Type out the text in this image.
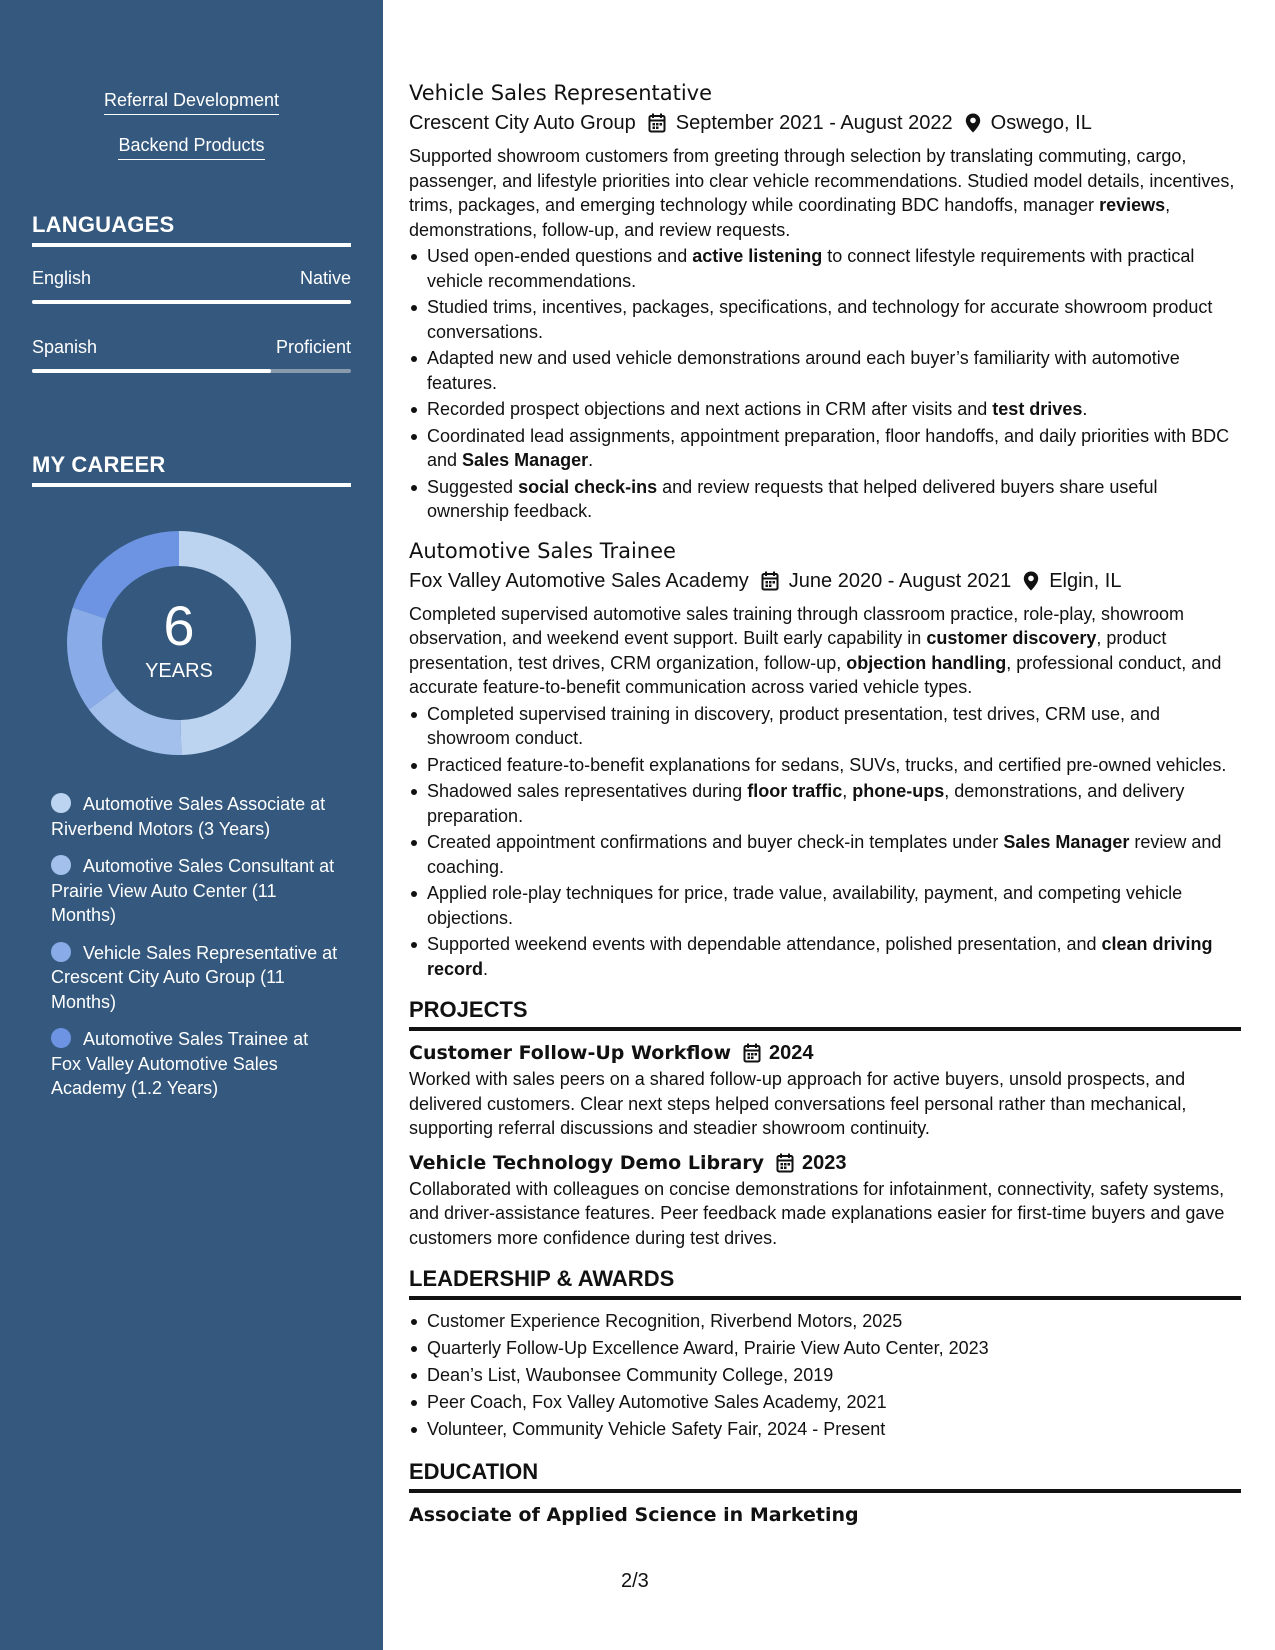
Referral Development
Backend Products
LANGUAGES
English	Native
Spanish	Proficient
MY CAREER
6
YEARS
Automotive Sales Associate at Riverbend Motors (3 Years)
Automotive Sales Consultant at Prairie View Auto Center (11 Months)
Vehicle Sales Representative at Crescent City Auto Group (11 Months)
Automotive Sales Trainee at Fox Valley Automotive Sales Academy (1.2 Years)
Vehicle Sales Representative
Crescent City Auto Group September 2021 - August 2022 Oswego, IL
Supported showroom customers from greeting through selection by translating commuting, cargo, passenger, and lifestyle priorities into clear vehicle recommendations. Studied model details, incentives, trims, packages, and emerging technology while coordinating BDC handoffs, manager reviews, demonstrations, follow-up, and review requests.
Used open-ended questions and active listening to connect lifestyle requirements with practical vehicle recommendations.
Studied trims, incentives, packages, specifications, and technology for accurate showroom product conversations.
Adapted new and used vehicle demonstrations around each buyer’s familiarity with automotive features.
Recorded prospect objections and next actions in CRM after visits and test drives.
Coordinated lead assignments, appointment preparation, floor handoffs, and daily priorities with BDC and Sales Manager.
Suggested social check-ins and review requests that helped delivered buyers share useful ownership feedback.
Automotive Sales Trainee
Fox Valley Automotive Sales Academy June 2020 - August 2021 Elgin, IL
Completed supervised automotive sales training through classroom practice, role-play, showroom observation, and weekend event support. Built early capability in customer discovery, product presentation, test drives, CRM organization, follow-up, objection handling, professional conduct, and accurate feature-to-benefit communication across varied vehicle types.
Completed supervised training in discovery, product presentation, test drives, CRM use, and showroom conduct.
Practiced feature-to-benefit explanations for sedans, SUVs, trucks, and certified pre-owned vehicles.
Shadowed sales representatives during floor traffic, phone-ups, demonstrations, and delivery preparation.
Created appointment confirmations and buyer check-in templates under Sales Manager review and coaching.
Applied role-play techniques for price, trade value, availability, payment, and competing vehicle objections.
Supported weekend events with dependable attendance, polished presentation, and clean driving record.
PROJECTS
Customer Follow-Up Workflow 2024
Worked with sales peers on a shared follow-up approach for active buyers, unsold prospects, and delivered customers. Clear next steps helped conversations feel personal rather than mechanical, supporting referral discussions and steadier showroom continuity.
Vehicle Technology Demo Library 2023
Collaborated with colleagues on concise demonstrations for infotainment, connectivity, safety systems, and driver-assistance features. Peer feedback made explanations easier for first-time buyers and gave customers more confidence during test drives.
LEADERSHIP & AWARDS
Customer Experience Recognition, Riverbend Motors, 2025
Quarterly Follow-Up Excellence Award, Prairie View Auto Center, 2023
Dean’s List, Waubonsee Community College, 2019
Peer Coach, Fox Valley Automotive Sales Academy, 2021
Volunteer, Community Vehicle Safety Fair, 2024 - Present
EDUCATION
Associate of Applied Science in Marketing
2/3
